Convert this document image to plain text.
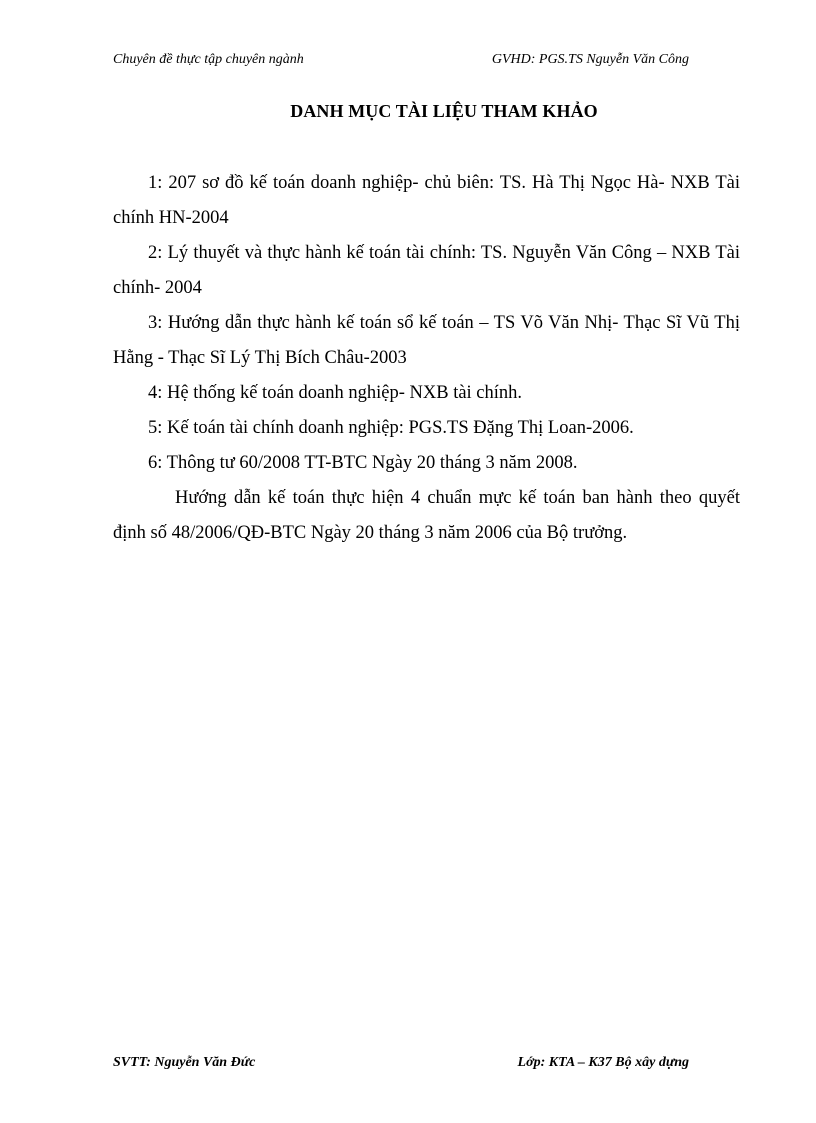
Chuyên đề thực tập chuyên ngành	GVHD: PGS.TS Nguyễn Văn Công
DANH MỤC TÀI LIỆU THAM KHẢO

1: 207 sơ đồ kế toán doanh nghiệp- chủ biên: TS. Hà Thị Ngọc Hà- NXB Tài chính HN-2004

2: Lý thuyết và thực hành kế toán tài chính: TS. Nguyễn Văn Công – NXB Tài chính- 2004

3: Hướng dẫn thực hành kế toán sổ kế toán – TS Võ Văn Nhị- Thạc Sĩ Vũ Thị Hằng - Thạc Sĩ Lý Thị Bích Châu-2003

4: Hệ thống kế toán doanh nghiệp- NXB tài chính.

5: Kế toán tài chính doanh nghiệp: PGS.TS Đặng Thị Loan-2006.

6: Thông tư 60/2008 TT-BTC Ngày 20 tháng 3 năm 2008.

Hướng dẫn kế toán thực hiện 4 chuẩn mực kế toán ban hành theo quyết định số 48/2006/QĐ-BTC Ngày 20 tháng 3 năm 2006 của Bộ trưởng.

SVTT: Nguyễn Văn Đức	Lớp: KTA – K37 Bộ xây dựng
